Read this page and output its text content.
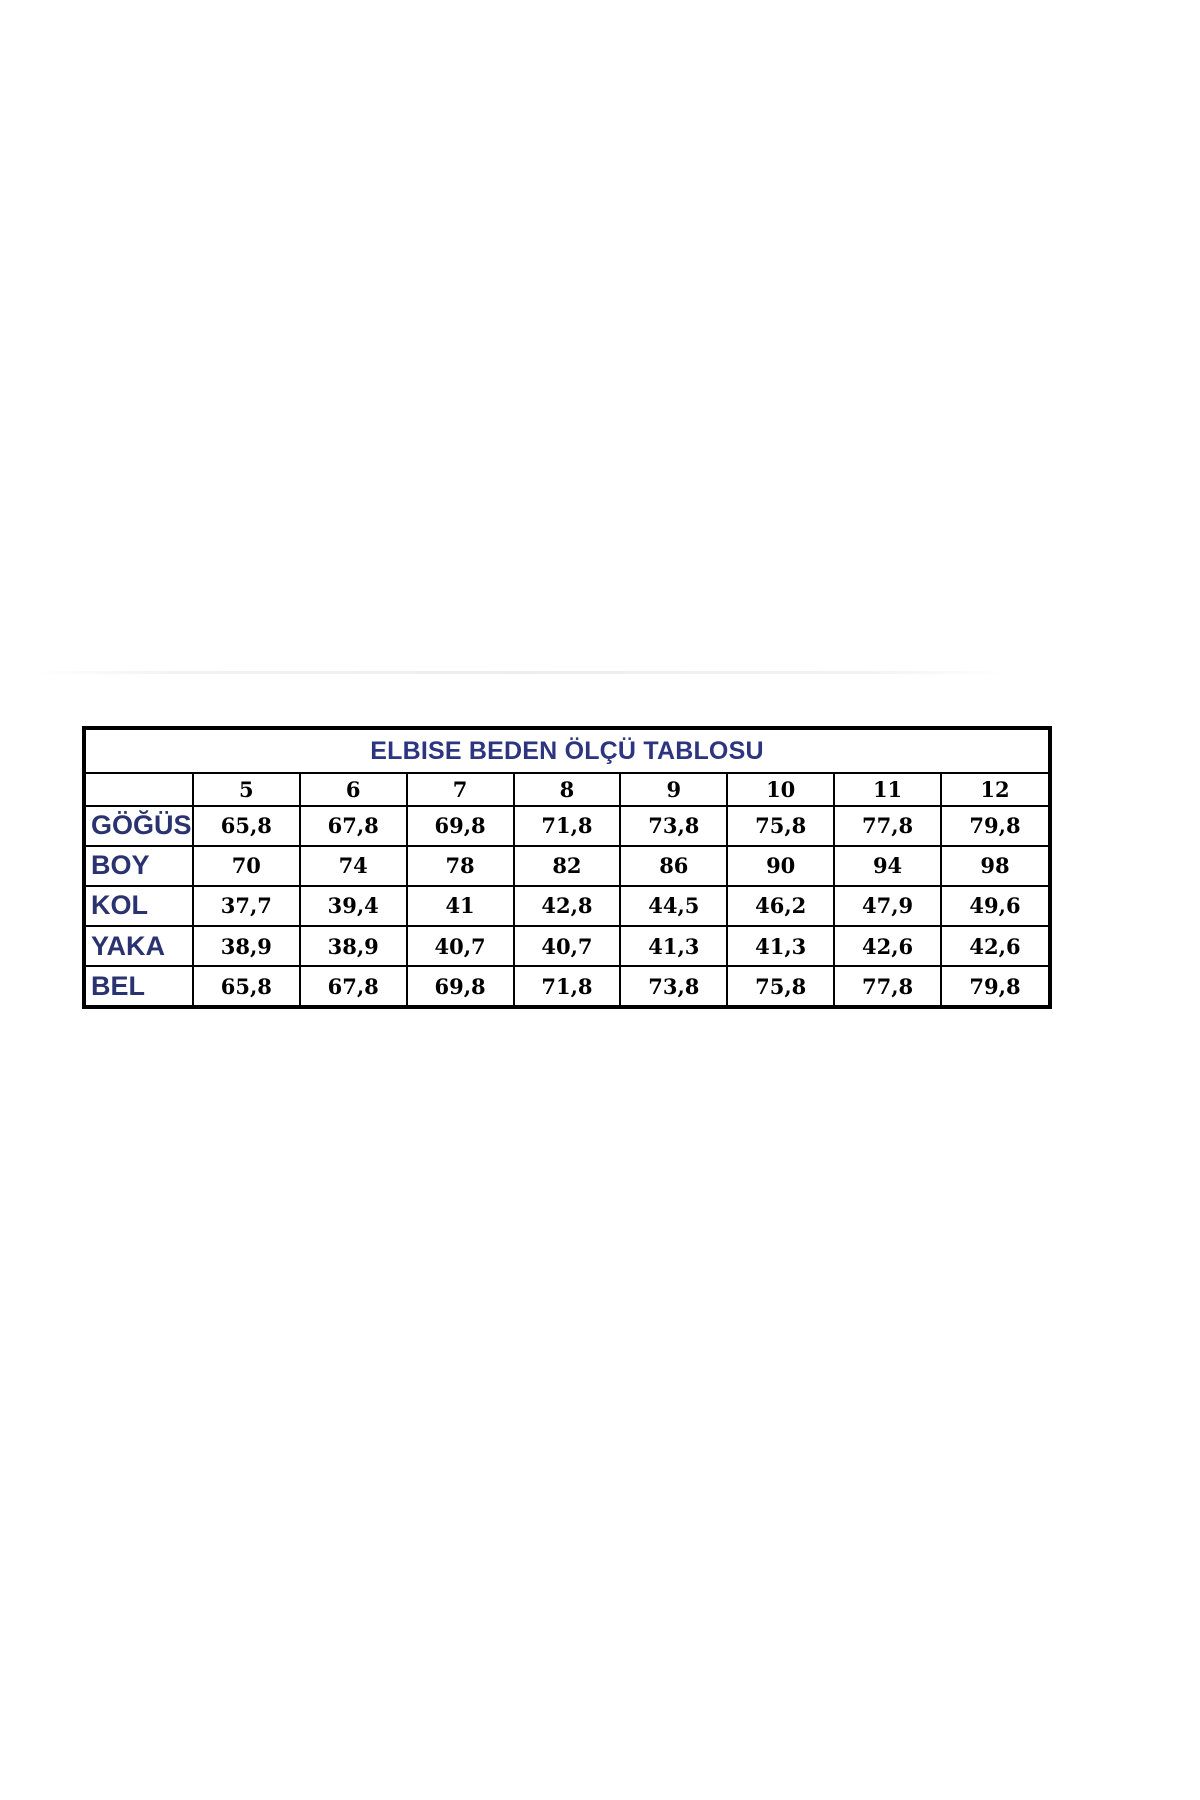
ELBISE BEDEN ÖLÇÜ TABLOSU								
	5	6	7	8	9	10	11	12
GÖĞÜS	65,8	67,8	69,8	71,8	73,8	75,8	77,8	79,8
BOY	70	74	78	82	86	90	94	98
KOL	37,7	39,4	41	42,8	44,5	46,2	47,9	49,6
YAKA	38,9	38,9	40,7	40,7	41,3	41,3	42,6	42,6
BEL	65,8	67,8	69,8	71,8	73,8	75,8	77,8	79,8
